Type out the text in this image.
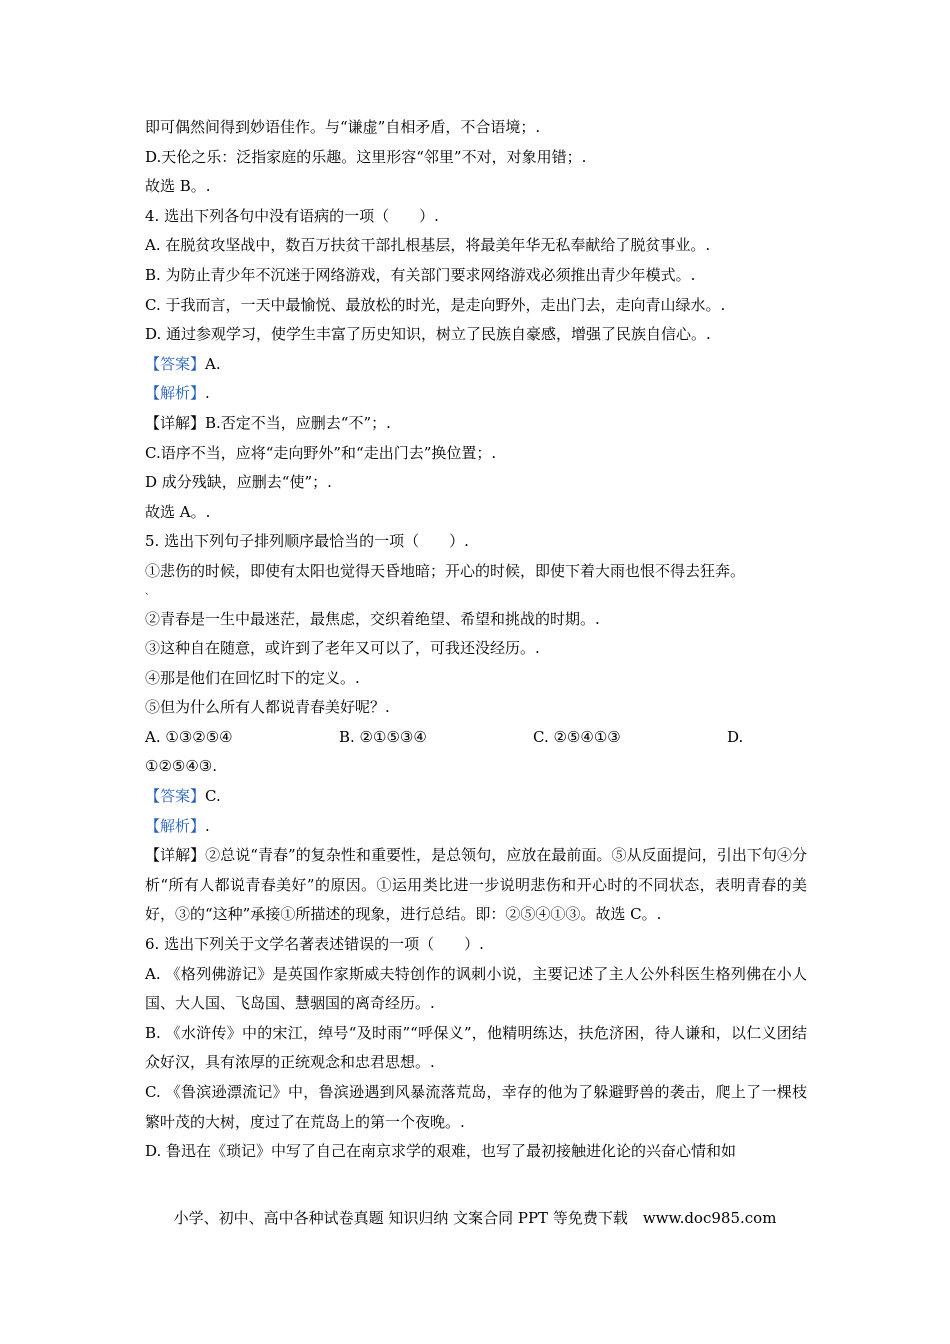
即可偶然间得到妙语佳作。与“谦虚”自相矛盾，不合语境；.
D.天伦之乐：泛指家庭的乐趣。这里形容“邻里”不对，对象用错；.
故选 B。.
4. 选出下列各句中没有语病的一项（　　）.
A. 在脱贫攻坚战中，数百万扶贫干部扎根基层，将最美年华无私奉献给了脱贫事业。.
B. 为防止青少年不沉迷于网络游戏，有关部门要求网络游戏必须推出青少年模式。.
C. 于我而言，一天中最愉悦、最放松的时光，是走向野外，走出门去，走向青山绿水。.
D. 通过参观学习，使学生丰富了历史知识，树立了民族自豪感，增强了民族自信心。.
【答案】A.
【解析】.
【详解】B.否定不当，应删去“不”；.
C.语序不当，应将“走向野外”和“走出门去”换位置；.
D 成分残缺，应删去“使”；.
故选 A。.
5. 选出下列句子排列顺序最恰当的一项（　　）.
①悲伤的时候，即使有太阳也觉得天昏地暗；开心的时候，即使下着大雨也恨不得去狂奔。
、
②青春是一生中最迷茫，最焦虑，交织着绝望、希望和挑战的时期。.
③这种自在随意，或许到了老年又可以了，可我还没经历。.
④那是他们在回忆时下的定义。.
⑤但为什么所有人都说青春美好呢？.
A. ①③②⑤④	B. ②①⑤③④	C. ②⑤④①③	D.
①②⑤④③.
【答案】C.
【解析】.
【详解】②总说“青春”的复杂性和重要性，是总领句，应放在最前面。⑤从反面提问，引出下句④分析“所有人都说青春美好”的原因。①运用类比进一步说明悲伤和开心时的不同状态，表明青春的美好，③的“这种”承接①所描述的现象，进行总结。即：②⑤④①③。故选 C。.
6. 选出下列关于文学名著表述错误的一项（　　）.
A. 《格列佛游记》是英国作家斯威夫特创作的讽刺小说，主要记述了主人公外科医生格列佛在小人国、大人国、飞岛国、慧骃国的离奇经历。.
B. 《水浒传》中的宋江，绰号“及时雨”“呼保义”，他精明练达，扶危济困，待人谦和，以仁义团结众好汉，具有浓厚的正统观念和忠君思想。.
C. 《鲁滨逊漂流记》中，鲁滨逊遇到风暴流落荒岛，幸存的他为了躲避野兽的袭击，爬上了一棵枝繁叶茂的大树，度过了在荒岛上的第一个夜晚。.
D. 鲁迅在《琐记》中写了自己在南京求学的艰难，也写了最初接触进化论的兴奋心情和如
小学、初中、高中各种试卷真题 知识归纳 文案合同 PPT 等免费下载　www.doc985.com
